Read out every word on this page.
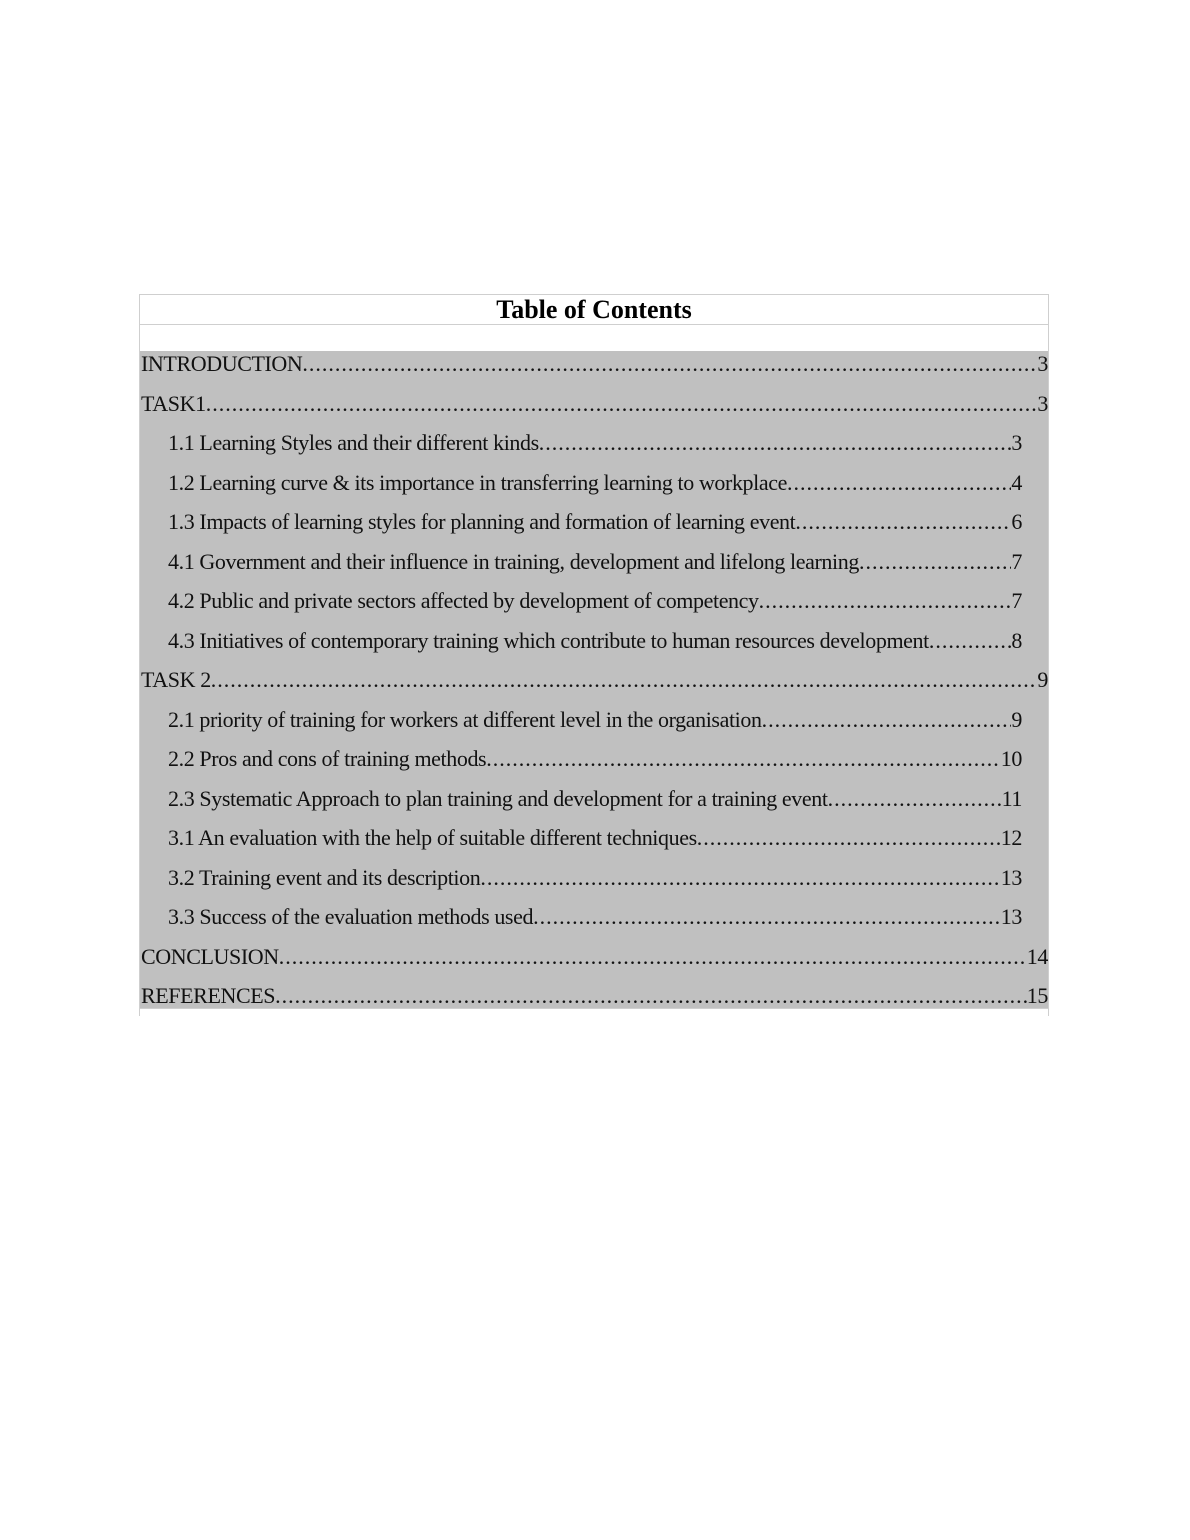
Table of Contents
INTRODUCTION .....	3
TASK1 .....	3
1.1 Learning Styles and their different kinds .....	3
1.2 Learning curve & its importance in transferring learning to workplace .....	4
1.3 Impacts of learning styles for planning and formation of learning event .....	6
4.1 Government and their influence in training, development and lifelong learning .....	7
4.2 Public and private sectors affected by development of competency .....	7
4.3 Initiatives of contemporary training which contribute to human resources development .....	8
TASK 2 .....	9
2.1 priority of training for workers at different level in the organisation .....	9
2.2 Pros and cons of training methods .....	10
2.3 Systematic Approach to plan training and development for a training event .....	11
3.1 An evaluation with the help of suitable different techniques .....	12
3.2 Training event and its description .....	13
3.3 Success of the evaluation methods used .....	13
CONCLUSION .....	14
REFERENCES .....	15
